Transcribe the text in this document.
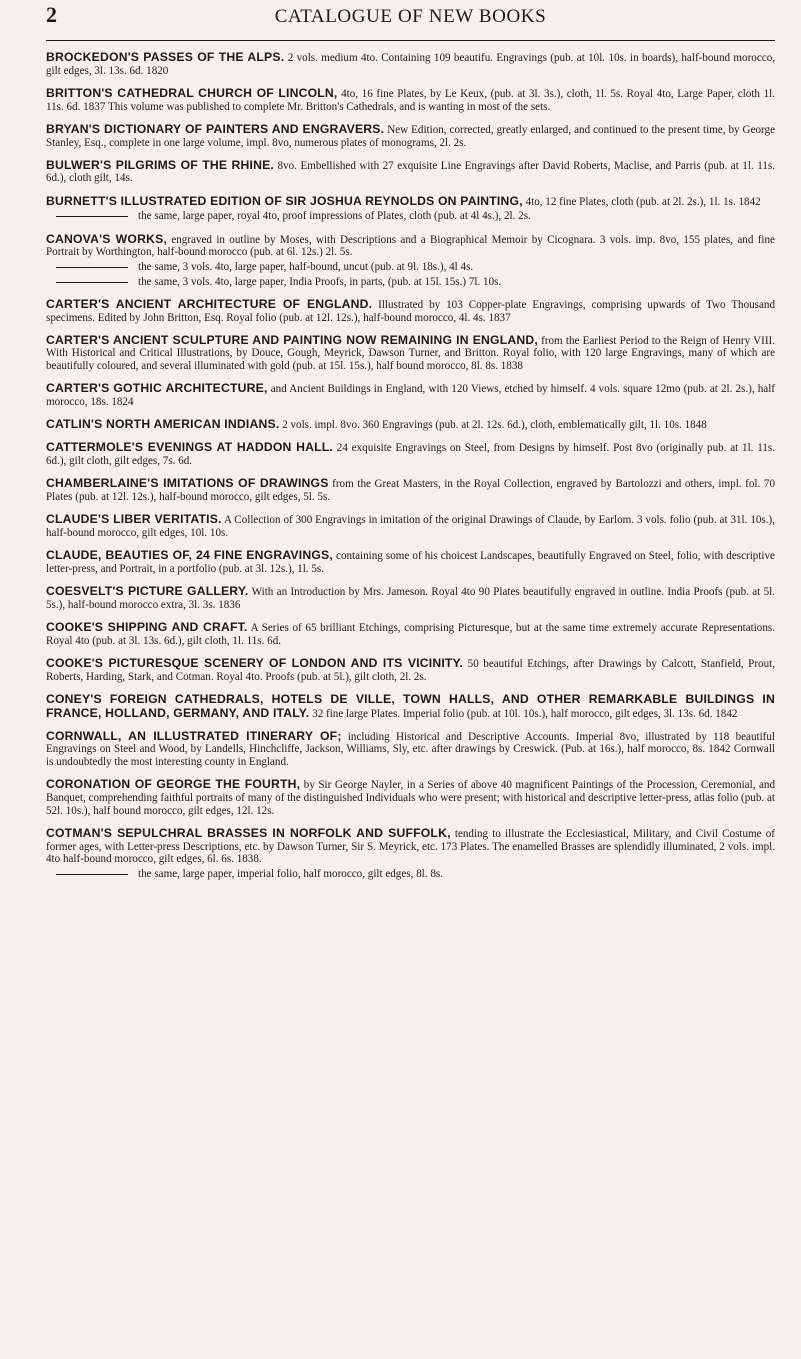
2	CATALOGUE OF NEW BOOKS

BROCKEDON'S PASSES OF THE ALPS. 2 vols. medium 4to. Containing 109 beautifu. Engravings (pub. at 10l. 10s. in boards), half-bound morocco, gilt edges, 3l. 13s. 6d. 1820

BRITTON'S CATHEDRAL CHURCH OF LINCOLN, 4to, 16 fine Plates, by Le Keux, (pub. at 3l. 3s.), cloth, 1l. 5s. Royal 4to, Large Paper, cloth 1l. 11s. 6d. 1837 This volume was published to complete Mr. Britton's Cathedrals, and is wanting in most of the sets.

BRYAN'S DICTIONARY OF PAINTERS AND ENGRAVERS. New Edition, corrected, greatly enlarged, and continued to the present time, by George Stanley, Esq., complete in one large volume, impl. 8vo, numerous plates of monograms, 2l. 2s.

BULWER'S PILGRIMS OF THE RHINE. 8vo. Embellished with 27 exquisite Line Engravings after David Roberts, Maclise, and Parris (pub. at 1l. 11s. 6d.), cloth gilt, 14s.

BURNETT'S ILLUSTRATED EDITION OF SIR JOSHUA REYNOLDS ON PAINTING, 4to, 12 fine Plates, cloth (pub. at 2l. 2s.), 1l. 1s. 1842
the same, large paper, royal 4to, proof impressions of Plates, cloth (pub. at 4l 4s.), 2l. 2s.

CANOVA'S WORKS, engraved in outline by Moses, with Descriptions and a Biographical Memoir by Cicognara. 3 vols. imp. 8vo, 155 plates, and fine Portrait by Worthington, half-bound morocco (pub. at 6l. 12s.) 2l. 5s.
the same, 3 vols. 4to, large paper, half-bound, uncut (pub. at 9l. 18s.), 4l 4s.
the same, 3 vols. 4to, large paper, India Proofs, in parts, (pub. at 15l. 15s.) 7l. 10s.

CARTER'S ANCIENT ARCHITECTURE OF ENGLAND. Illustrated by 103 Copper-plate Engravings, comprising upwards of Two Thousand specimens. Edited by John Britton, Esq. Royal folio (pub. at 12l. 12s.), half-bound morocco, 4l. 4s. 1837

CARTER'S ANCIENT SCULPTURE AND PAINTING NOW REMAINING IN ENGLAND, from the Earliest Period to the Reign of Henry VIII. With Historical and Critical Illustrations, by Douce, Gough, Meyrick, Dawson Turner, and Britton. Royal folio, with 120 large Engravings, many of which are beautifully coloured, and several illuminated with gold (pub. at 15l. 15s.), half bound morocco, 8l. 8s. 1838

CARTER'S GOTHIC ARCHITECTURE, and Ancient Buildings in England, with 120 Views, etched by himself. 4 vols. square 12mo (pub. at 2l. 2s.), half morocco, 18s. 1824

CATLIN'S NORTH AMERICAN INDIANS. 2 vols. impl. 8vo. 360 Engravings (pub. at 2l. 12s. 6d.), cloth, emblematically gilt, 1l. 10s. 1848

CATTERMOLE'S EVENINGS AT HADDON HALL. 24 exquisite Engravings on Steel, from Designs by himself. Post 8vo (originally pub. at 1l. 11s. 6d.), gilt cloth, gilt edges, 7s. 6d.

CHAMBERLAINE'S IMITATIONS OF DRAWINGS from the Great Masters, in the Royal Collection, engraved by Bartolozzi and others, impl. fol. 70 Plates (pub. at 12l. 12s.), half-bound morocco, gilt edges, 5l. 5s.

CLAUDE'S LIBER VERITATIS. A Collection of 300 Engravings in imitation of the original Drawings of Claude, by Earlom. 3 vols. folio (pub. at 31l. 10s.), half-bound morocco, gilt edges, 10l. 10s.

CLAUDE, BEAUTIES OF, 24 FINE ENGRAVINGS, containing some of his choicest Landscapes, beautifully Engraved on Steel, folio, with descriptive letter-press, and Portrait, in a portfolio (pub. at 3l. 12s.), 1l. 5s.

COESVELT'S PICTURE GALLERY. With an Introduction by Mrs. Jameson. Royal 4to 90 Plates beautifully engraved in outline. India Proofs (pub. at 5l. 5s.), half-bound morocco extra, 3l. 3s. 1836

COOKE'S SHIPPING AND CRAFT. A Series of 65 brilliant Etchings, comprising Picturesque, but at the same time extremely accurate Representations. Royal 4to (pub. at 3l. 13s. 6d.), gilt cloth, 1l. 11s. 6d.

COOKE'S PICTURESQUE SCENERY OF LONDON AND ITS VICINITY. 50 beautiful Etchings, after Drawings by Calcott, Stanfield, Prout, Roberts, Harding, Stark, and Cotman. Royal 4to. Proofs (pub. at 5l.), gilt cloth, 2l. 2s.

CONEY'S FOREIGN CATHEDRALS, HOTELS DE VILLE, TOWN HALLS, AND OTHER REMARKABLE BUILDINGS IN FRANCE, HOLLAND, GERMANY, AND ITALY. 32 fine large Plates. Imperial folio (pub. at 10l. 10s.), half morocco, gilt edges, 3l. 13s. 6d. 1842

CORNWALL, AN ILLUSTRATED ITINERARY OF; including Historical and Descriptive Accounts. Imperial 8vo, illustrated by 118 beautiful Engravings on Steel and Wood, by Landells, Hinchcliffe, Jackson, Williams, Sly, etc. after drawings by Creswick. (Pub. at 16s.), half morocco, 8s. 1842 Cornwall is undoubtedly the most interesting county in England.

CORONATION OF GEORGE THE FOURTH, by Sir George Nayler, in a Series of above 40 magnificent Paintings of the Procession, Ceremonial, and Banquet, comprehending faithful portraits of many of the distinguished Individuals who were present; with historical and descriptive letter-press, atlas folio (pub. at 52l. 10s.), half bound morocco, gilt edges, 12l. 12s.

COTMAN'S SEPULCHRAL BRASSES IN NORFOLK AND SUFFOLK, tending to illustrate the Ecclesiastical, Military, and Civil Costume of former ages, with Letter-press Descriptions, etc. by Dawson Turner, Sir S. Meyrick, etc. 173 Plates. The enamelled Brasses are splendidly illuminated, 2 vols. impl. 4to half-bound morocco, gilt edges, 6l. 6s. 1838.
the same, large paper, imperial folio, half morocco, gilt edges, 8l. 8s.
